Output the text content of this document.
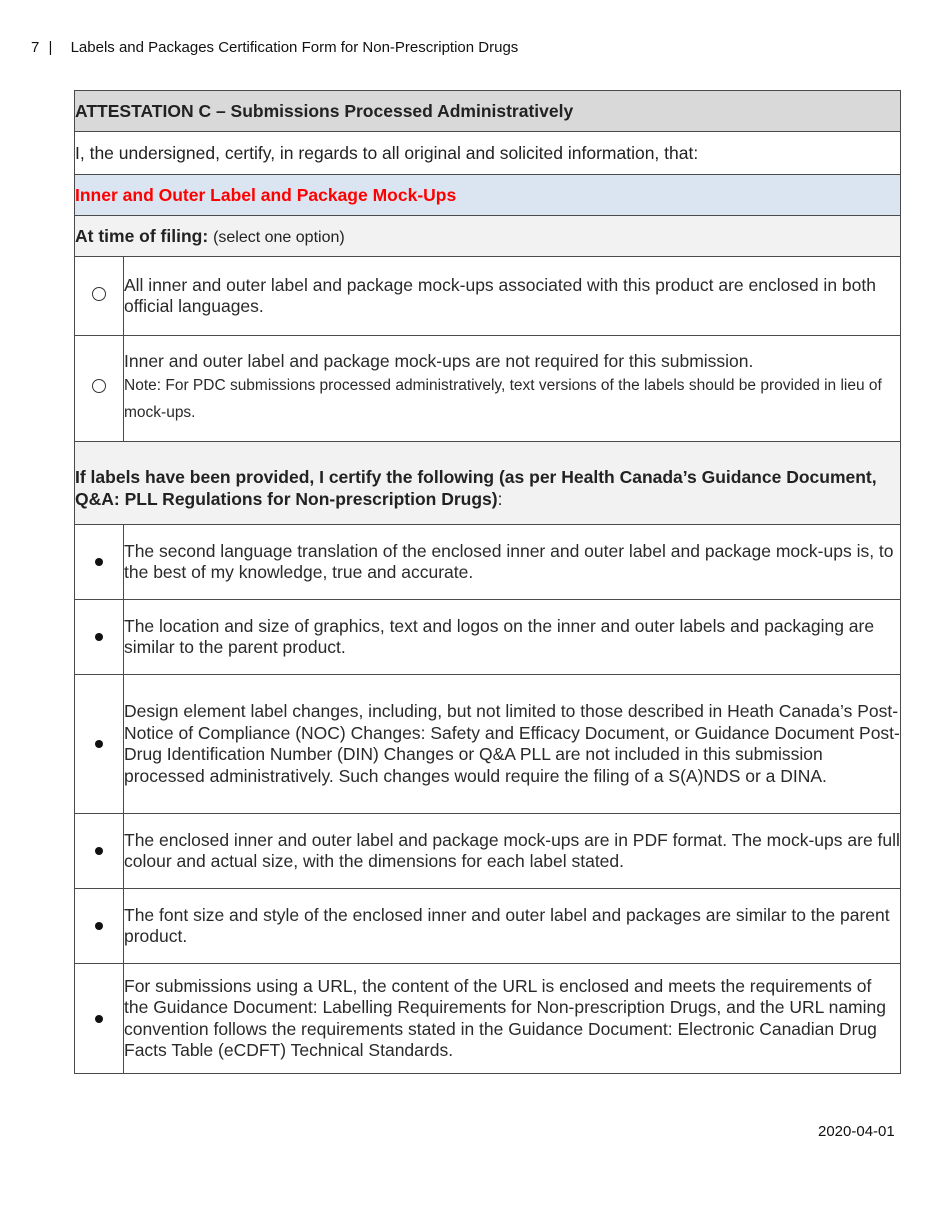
7 | Labels and Packages Certification Form for Non-Prescription Drugs
ATTESTATION C – Submissions Processed Administratively	
I, the undersigned, certify, in regards to all original and solicited information, that:	
Inner and Outer Label and Package Mock-Ups	
At time of filing: (select one option)	
	All inner and outer label and package mock-ups associated with this product are enclosed in both official languages.

	Inner and outer label and package mock-ups are not required for this submission.
Note: For PDC submissions processed administratively, text versions of the labels should be provided in lieu of mock-ups.

If labels have been provided, I certify the following (as per Health Canada’s Guidance Document, Q&A: PLL Regulations for Non-prescription Drugs):	

	The second language translation of the enclosed inner and outer label and package mock-ups is, to the best of my knowledge, true and accurate.
	The location and size of graphics, text and logos on the inner and outer labels and packaging are similar to the parent product.
	Design element label changes, including, but not limited to those described in Heath Canada’s Post-Notice of Compliance (NOC) Changes: Safety and Efficacy Document, or Guidance Document Post-Drug Identification Number (DIN) Changes or Q&A PLL are not included in this submission processed administratively. Such changes would require the filing of a S(A)NDS or a DINA.
	The enclosed inner and outer label and package mock-ups are in PDF format. The mock-ups are full colour and actual size, with the dimensions for each label stated.
	The font size and style of the enclosed inner and outer label and packages are similar to the parent product.
	For submissions using a URL, the content of the URL is enclosed and meets the requirements of the Guidance Document: Labelling Requirements for Non-prescription Drugs, and the URL naming convention follows the requirements stated in the Guidance Document: Electronic Canadian Drug Facts Table (eCDFT) Technical Standards.
2020-04-01
